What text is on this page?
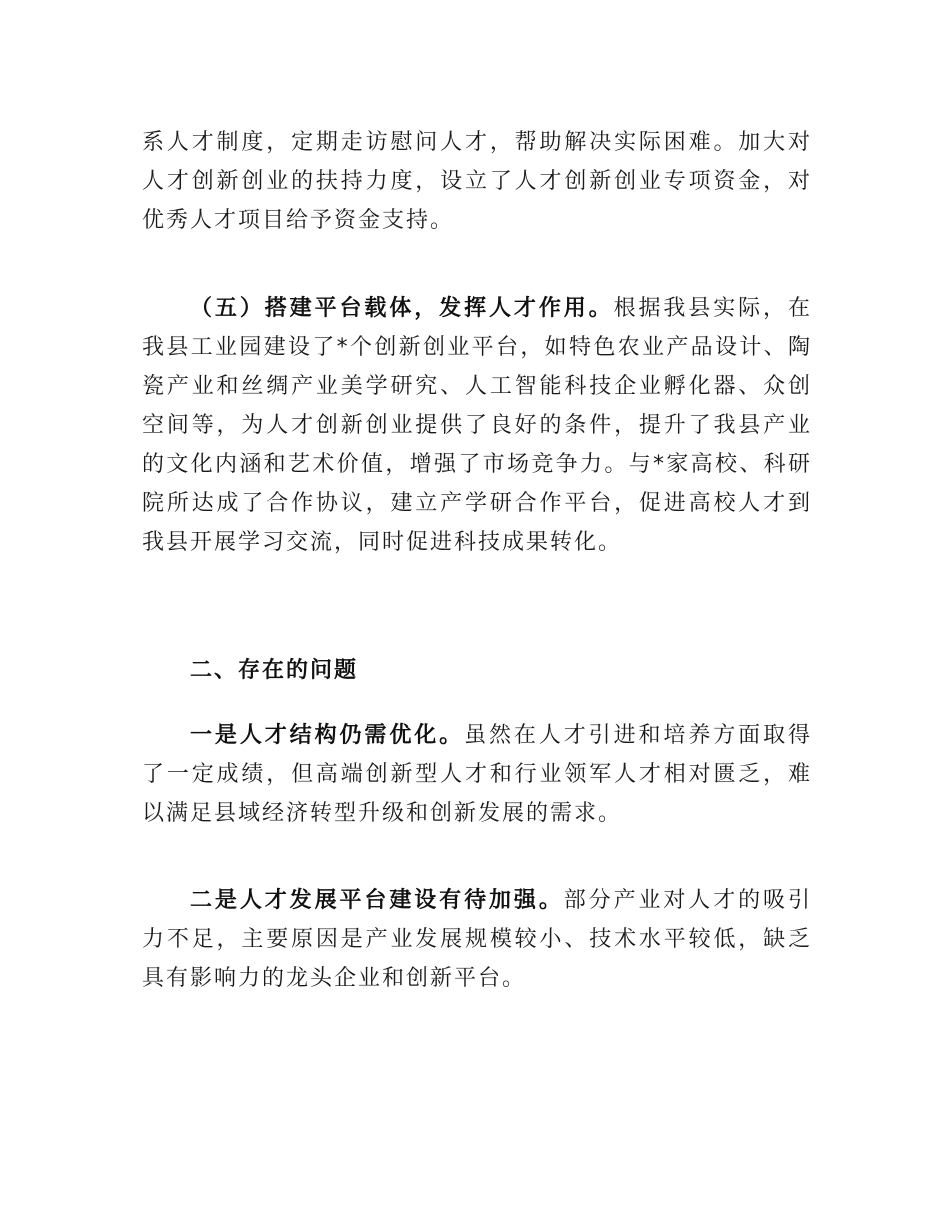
系人才制度，定期走访慰问人才，帮助解决实际困难。加大对人才创新创业的扶持力度，设立了人才创新创业专项资金，对优秀人才项目给予资金支持。

（五）搭建平台载体，发挥人才作用。根据我县实际，在我县工业园建设了*个创新创业平台，如特色农业产品设计、陶瓷产业和丝绸产业美学研究、人工智能科技企业孵化器、众创空间等，为人才创新创业提供了良好的条件，提升了我县产业的文化内涵和艺术价值，增强了市场竞争力。与*家高校、科研院所达成了合作协议，建立产学研合作平台，促进高校人才到我县开展学习交流，同时促进科技成果转化。

二、存在的问题

一是人才结构仍需优化。虽然在人才引进和培养方面取得了一定成绩，但高端创新型人才和行业领军人才相对匮乏，难以满足县域经济转型升级和创新发展的需求。

二是人才发展平台建设有待加强。部分产业对人才的吸引力不足，主要原因是产业发展规模较小、技术水平较低，缺乏具有影响力的龙头企业和创新平台。
